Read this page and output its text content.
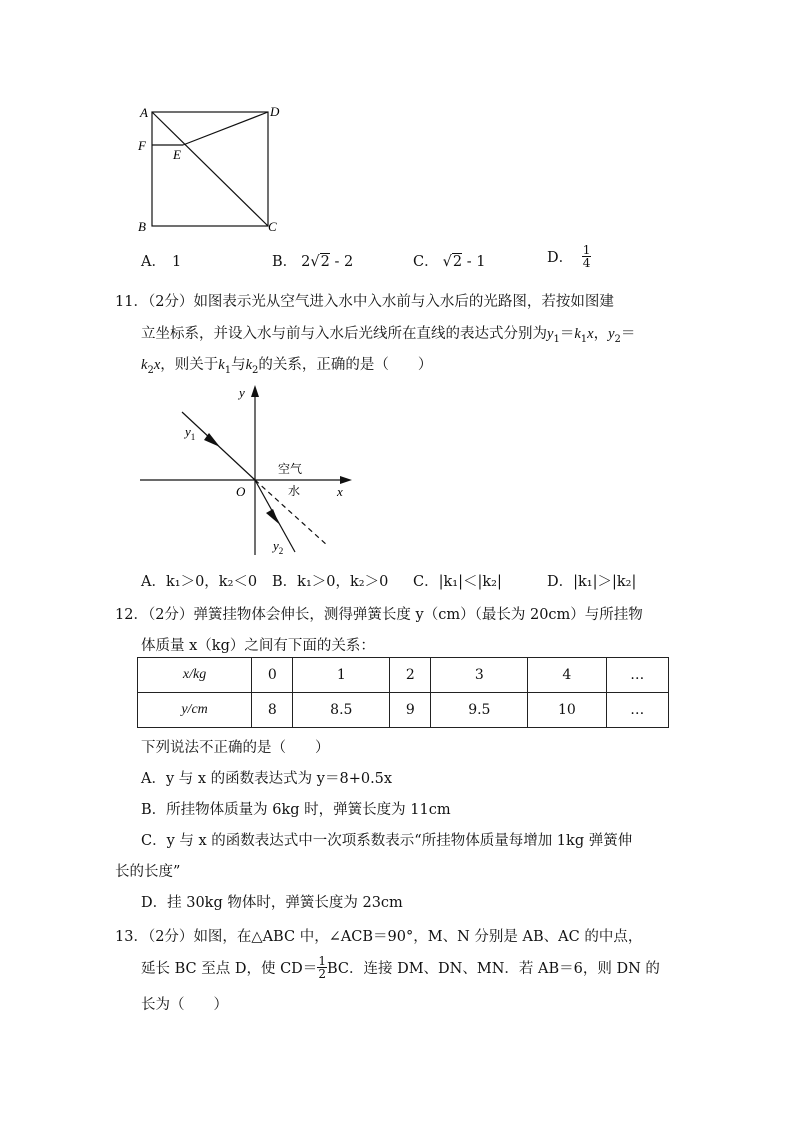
A	D
F
E
B	C
A． 1	B． 2√2 - 2	C． √2 - 1	D． $\frac{1}{4}$
11．（2分）如图表示光从空气进入水中入水前与入水后的光路图，若按如图建
立坐标系，并设入水与前与入水后光线所在直线的表达式分别为$y_1=k_1x$，$y_2=$
$k_2x$，则关于$k_1$与$k_2$的关系，正确的是（　　）
y
x
O
$y_1$
$y_2$
空气
水
A．k₁＞0，k₂＜0 B．k₁＞0，k₂＞0 C．|k₁|＜|k₂|	D．|k₁|＞|k₂|
12．（2分）弹簧挂物体会伸长，测得弹簧长度 y（cm）（最长为 20cm）与所挂物
体质量 x（kg）之间有下面的关系：
x/kg	0	1	2	3	4	…
y/cm	8	8.5	9	9.5	10	…
下列说法不正确的是（　　）
A．y 与 x 的函数表达式为 y＝8+0.5x
B．所挂物体质量为 6kg 时，弹簧长度为 11cm
C．y 与 x 的函数表达式中一次项系数表示“所挂物体质量每增加 1kg 弹簧伸
长的长度”
D．挂 30kg 物体时，弹簧长度为 23cm
13．（2分）如图，在△ABC 中，∠ACB＝90°，M、N 分别是 AB、AC 的中点，
延长 BC 至点 D，使 $CD= \frac{1}{2}$ BC．连接 DM、DN、MN．若 AB＝6，则 DN 的
长为（　　）
